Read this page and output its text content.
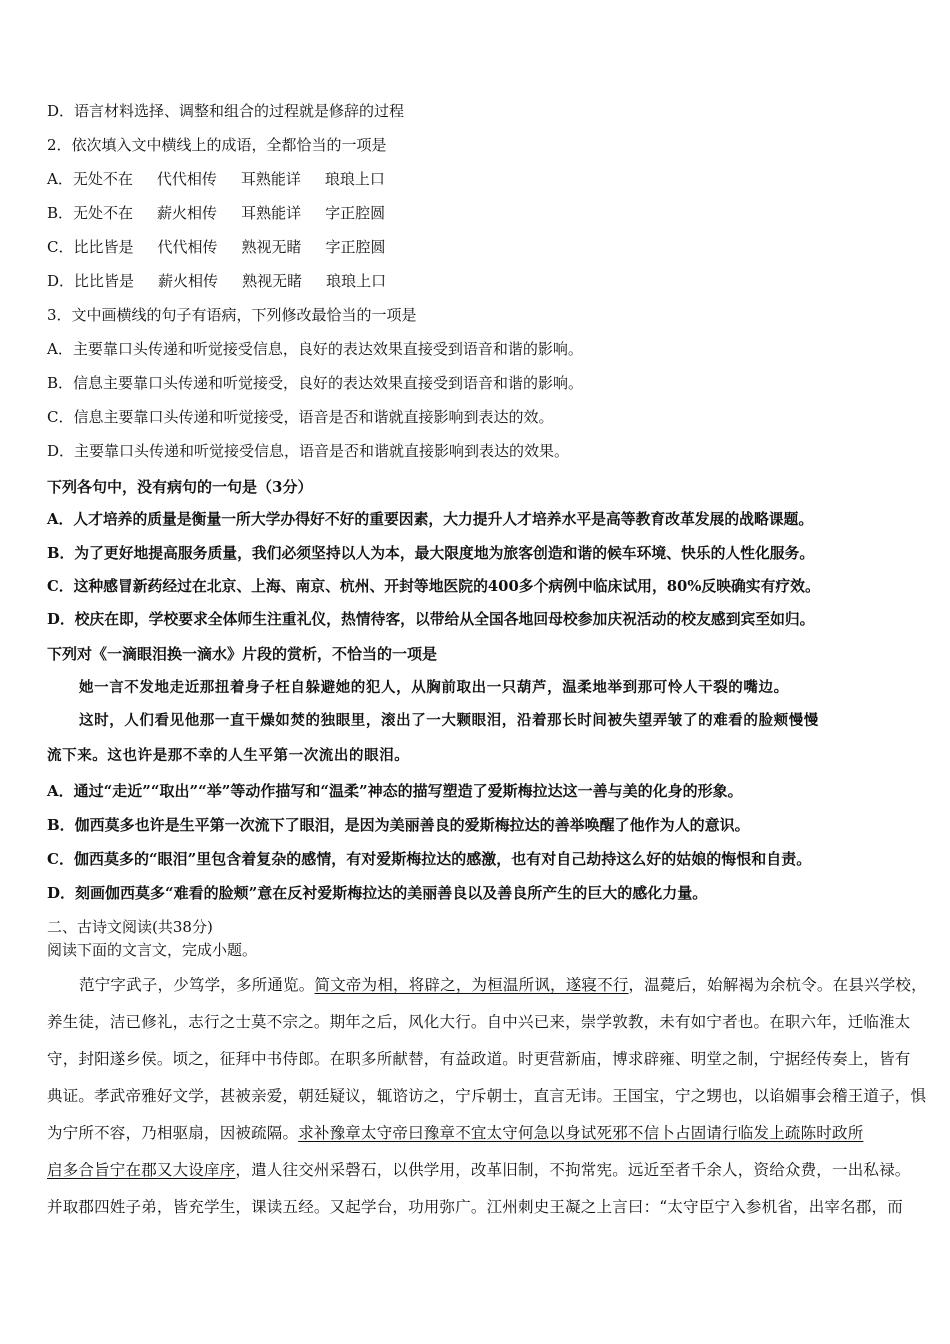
D．语言材料选择、调整和组合的过程就是修辞的过程
2．依次填入文中横线上的成语，全都恰当的一项是
A．无处不在 代代相传 耳熟能详 琅琅上口
B．无处不在 薪火相传 耳熟能详 字正腔圆
C．比比皆是 代代相传 熟视无睹 字正腔圆
D．比比皆是 薪火相传 熟视无睹 琅琅上口
3．文中画横线的句子有语病，下列修改最恰当的一项是
A．主要靠口头传递和听觉接受信息，良好的表达效果直接受到语音和谐的影响。
B．信息主要靠口头传递和听觉接受，良好的表达效果直接受到语音和谐的影响。
C．信息主要靠口头传递和听觉接受，语音是否和谐就直接影响到表达的效。
D．主要靠口头传递和听觉接受信息，语音是否和谐就直接影响到表达的效果。
下列各句中，没有病句的一句是（3分）
A．人才培养的质量是衡量一所大学办得好不好的重要因素，大力提升人才培养水平是高等教育改革发展的战略课题。
B．为了更好地提高服务质量，我们必须坚持以人为本，最大限度地为旅客创造和谐的候车环境、快乐的人性化服务。
C．这种感冒新药经过在北京、上海、南京、杭州、开封等地医院的400多个病例中临床试用，80%反映确实有疗效。
D．校庆在即，学校要求全体师生注重礼仪，热情待客，以带给从全国各地回母校参加庆祝活动的校友感到宾至如归。
下列对《一滴眼泪换一滴水》片段的赏析，不恰当的一项是
她一言不发地走近那扭着身子枉自躲避她的犯人，从胸前取出一只葫芦，温柔地举到那可怜人干裂的嘴边。
这时，人们看见他那一直干燥如焚的独眼里，滚出了一大颗眼泪，沿着那长时间被失望弄皱了的难看的脸颊慢慢
流下来。这也许是那不幸的人生平第一次流出的眼泪。
A．通过“走近”“取出”“举”等动作描写和“温柔”神态的描写塑造了爱斯梅拉达这一善与美的化身的形象。
B．伽西莫多也许是生平第一次流下了眼泪，是因为美丽善良的爱斯梅拉达的善举唤醒了他作为人的意识。
C．伽西莫多的“眼泪”里包含着复杂的感情，有对爱斯梅拉达的感激，也有对自己劫持这么好的姑娘的悔恨和自责。
D．刻画伽西莫多“难看的脸颊”意在反衬爱斯梅拉达的美丽善良以及善良所产生的巨大的感化力量。
二、古诗文阅读(共38分)
阅读下面的文言文，完成小题。
范宁字武子，少笃学，多所通览。简文帝为相，将辟之，为桓温所讽，遂寝不行，温薨后，始解褐为余杭令。在县兴学校，
养生徒，洁已修礼，志行之士莫不宗之。期年之后，风化大行。自中兴已来，崇学敦教，未有如宁者也。在职六年，迁临淮太
守，封阳遂乡侯。顷之，征拜中书侍郎。在职多所献替，有益政道。时更营新庙，博求辟雍、明堂之制，宁据经传奏上，皆有
典证。孝武帝雅好文学，甚被亲爱，朝廷疑议，辄谘访之，宁斥朝士，直言无讳。王国宝，宁之甥也，以谄媚事会稽王道子，惧
为宁所不容，乃相驱扇，因被疏隔。求补豫章太守帝曰豫章不宜太守何急以身试死邪不信卜占固请行临发上疏陈时政所
启多合旨宁在郡又大设庠序，遣人往交州采磬石，以供学用，改革旧制，不拘常宪。远近至者千余人，资给众费，一出私禄。
并取郡四姓子弟，皆充学生，课读五经。又起学台，功用弥广。江州刺史王凝之上言曰：“太守臣宁入参机省，出宰名郡，而
